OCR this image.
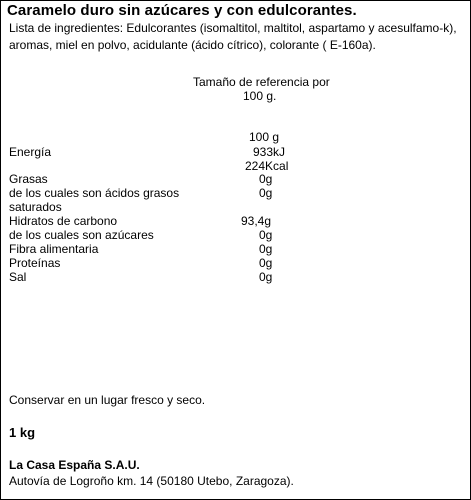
Caramelo duro sin azúcares y con edulcorantes.
Lista de ingredientes: Edulcorantes (isomaltitol, maltitol, aspartamo y acesulfamo-k), aromas, miel en polvo, acidulante (ácido cítrico), colorante ( E-160a).
Tamaño de referencia por
100 g.
100 g
Energía	933kJ
224Kcal
Grasas	0g
de los cuales son ácidos grasos	0g
saturados
Hidratos de carbono	93,4g
de los cuales son azúcares	0g
Fibra alimentaria	0g
Proteínas	0g
Sal	0g
Conservar en un lugar fresco y seco.
1 kg
La Casa España S.A.U.
Autovía de Logroño km. 14 (50180 Utebo, Zaragoza).
